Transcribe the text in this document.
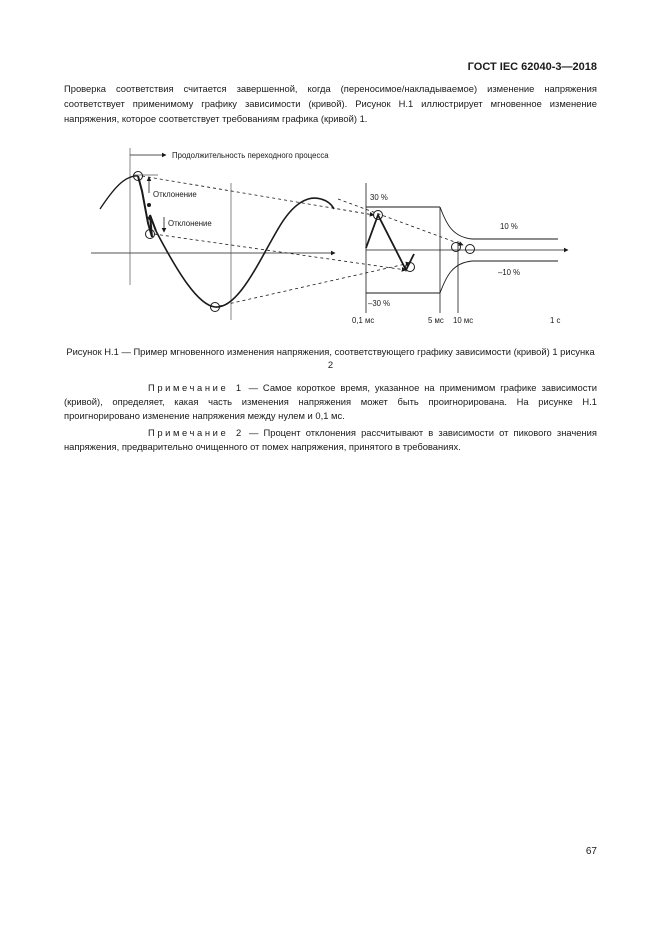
ГОСТ IEC 62040-3—2018

Проверка соответствия считается завершенной, когда (переносимое/накладываемое) изменение напряжения соответствует применимому графику зависимости (кривой). Рисунок Н.1 иллюстрирует мгновенное изменение напряжения, которое соответствует требованиям графика (кривой) 1.

Продолжительность переходного процесса
Отклонение
Отклонение
30 %
–30 %
10 %
–10 %
0,1 мс	5 мс 10 мс	1 с

Рисунок Н.1 — Пример мгновенного изменения напряжения, соответствующего графику зависимости (кривой) 1 рисунка 2

Примечание 1 — Самое короткое время, указанное на применимом графике зависимости (кривой), определяет, какая часть изменения напряжения может быть проигнорирована. На рисунке Н.1 проигнорировано изменение напряжения между нулем и 0,1 мс.

Примечание 2 — Процент отклонения рассчитывают в зависимости от пикового значения напряжения, предварительно очищенного от помех напряжения, принятого в требованиях.

67
